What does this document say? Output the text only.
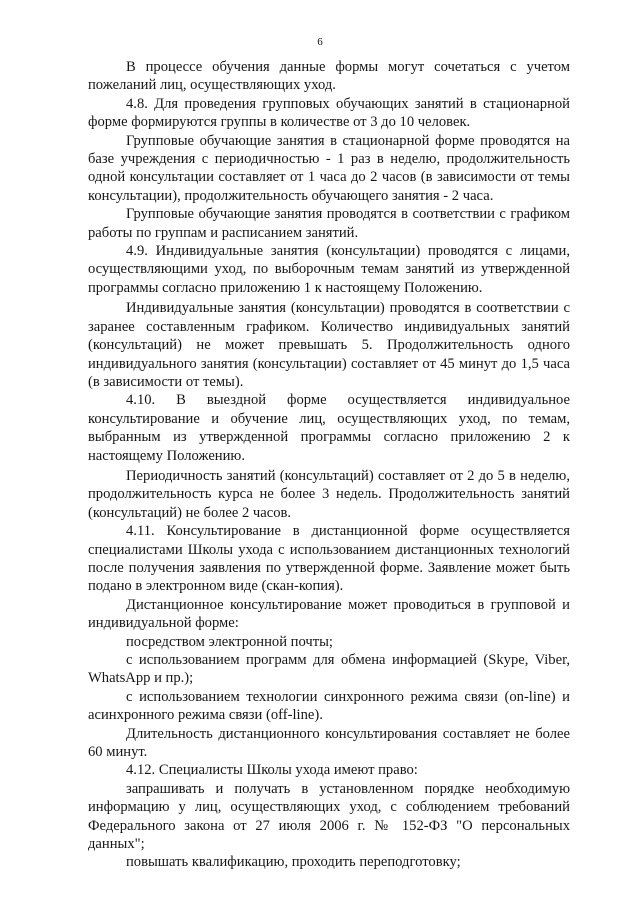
6

В процессе обучения данные формы могут сочетаться с учетом пожеланий лиц, осуществляющих уход.

4.8. Для проведения групповых обучающих занятий в стационарной форме формируются группы в количестве от 3 до 10 человек.

Групповые обучающие занятия в стационарной форме проводятся на базе учреждения с периодичностью - 1 раз в неделю, продолжительность одной консультации составляет от 1 часа до 2 часов (в зависимости от темы консультации), продолжительность обучающего занятия - 2 часа.

Групповые обучающие занятия проводятся в соответствии с графиком работы по группам и расписанием занятий.

4.9. Индивидуальные занятия (консультации) проводятся с лицами, осуществляющими уход, по выборочным темам занятий из утвержденной программы согласно приложению 1 к настоящему Положению.

Индивидуальные занятия (консультации) проводятся в соответствии с заранее составленным графиком. Количество индивидуальных занятий (консультаций) не может превышать 5. Продолжительность одного индивидуального занятия (консультации) составляет от 45 минут до 1,5 часа (в зависимости от темы).

4.10. В выездной форме осуществляется индивидуальное консультирование и обучение лиц, осуществляющих уход, по темам, выбранным из утвержденной программы согласно приложению 2 к настоящему Положению.

Периодичность занятий (консультаций) составляет от 2 до 5 в неделю, продолжительность курса не более 3 недель. Продолжительность занятий (консультаций) не более 2 часов.

4.11. Консультирование в дистанционной форме осуществляется специалистами Школы ухода с использованием дистанционных технологий после получения заявления по утвержденной форме. Заявление может быть подано в электронном виде (скан-копия).

Дистанционное консультирование может проводиться в групповой и индивидуальной форме:

посредством электронной почты;

с использованием программ для обмена информацией (Skype, Viber, WhatsApp и пр.);

с использованием технологии синхронного режима связи (on-line) и асинхронного режима связи (off-line).

Длительность дистанционного консультирования составляет не более 60 минут.

4.12. Специалисты Школы ухода имеют право:

запрашивать и получать в установленном порядке необходимую информацию у лиц, осуществляющих уход, с соблюдением требований Федерального закона от 27 июля 2006 г. № 152-ФЗ "О персональных данных";

повышать квалификацию, проходить переподготовку;
